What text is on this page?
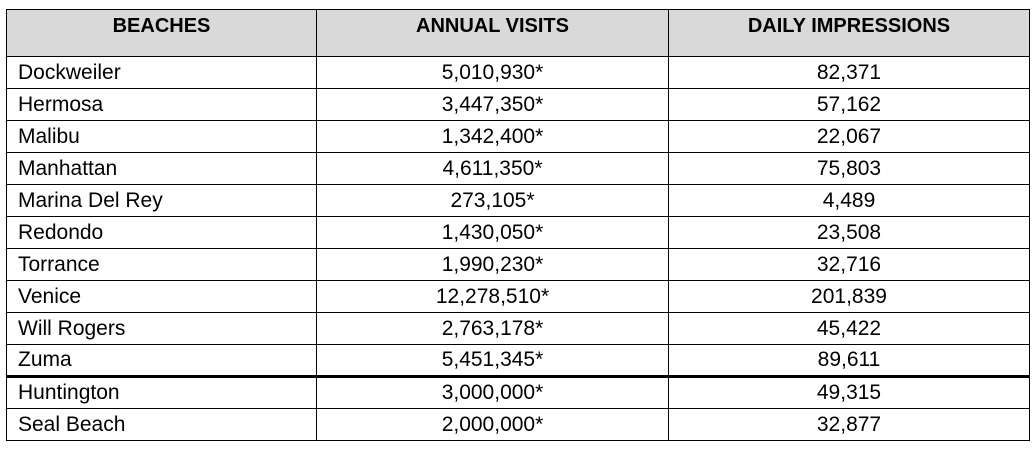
BEACHES	ANNUAL VISITS	DAILY IMPRESSIONS
Dockweiler	5,010,930*	82,371
Hermosa	3,447,350*	57,162
Malibu	1,342,400*	22,067
Manhattan	4,611,350*	75,803
Marina Del Rey	273,105*	4,489
Redondo	1,430,050*	23,508
Torrance	1,990,230*	32,716
Venice	12,278,510*	201,839
Will Rogers	2,763,178*	45,422
Zuma	5,451,345*	89,611
Huntington	3,000,000*	49,315
Seal Beach	2,000,000*	32,877
